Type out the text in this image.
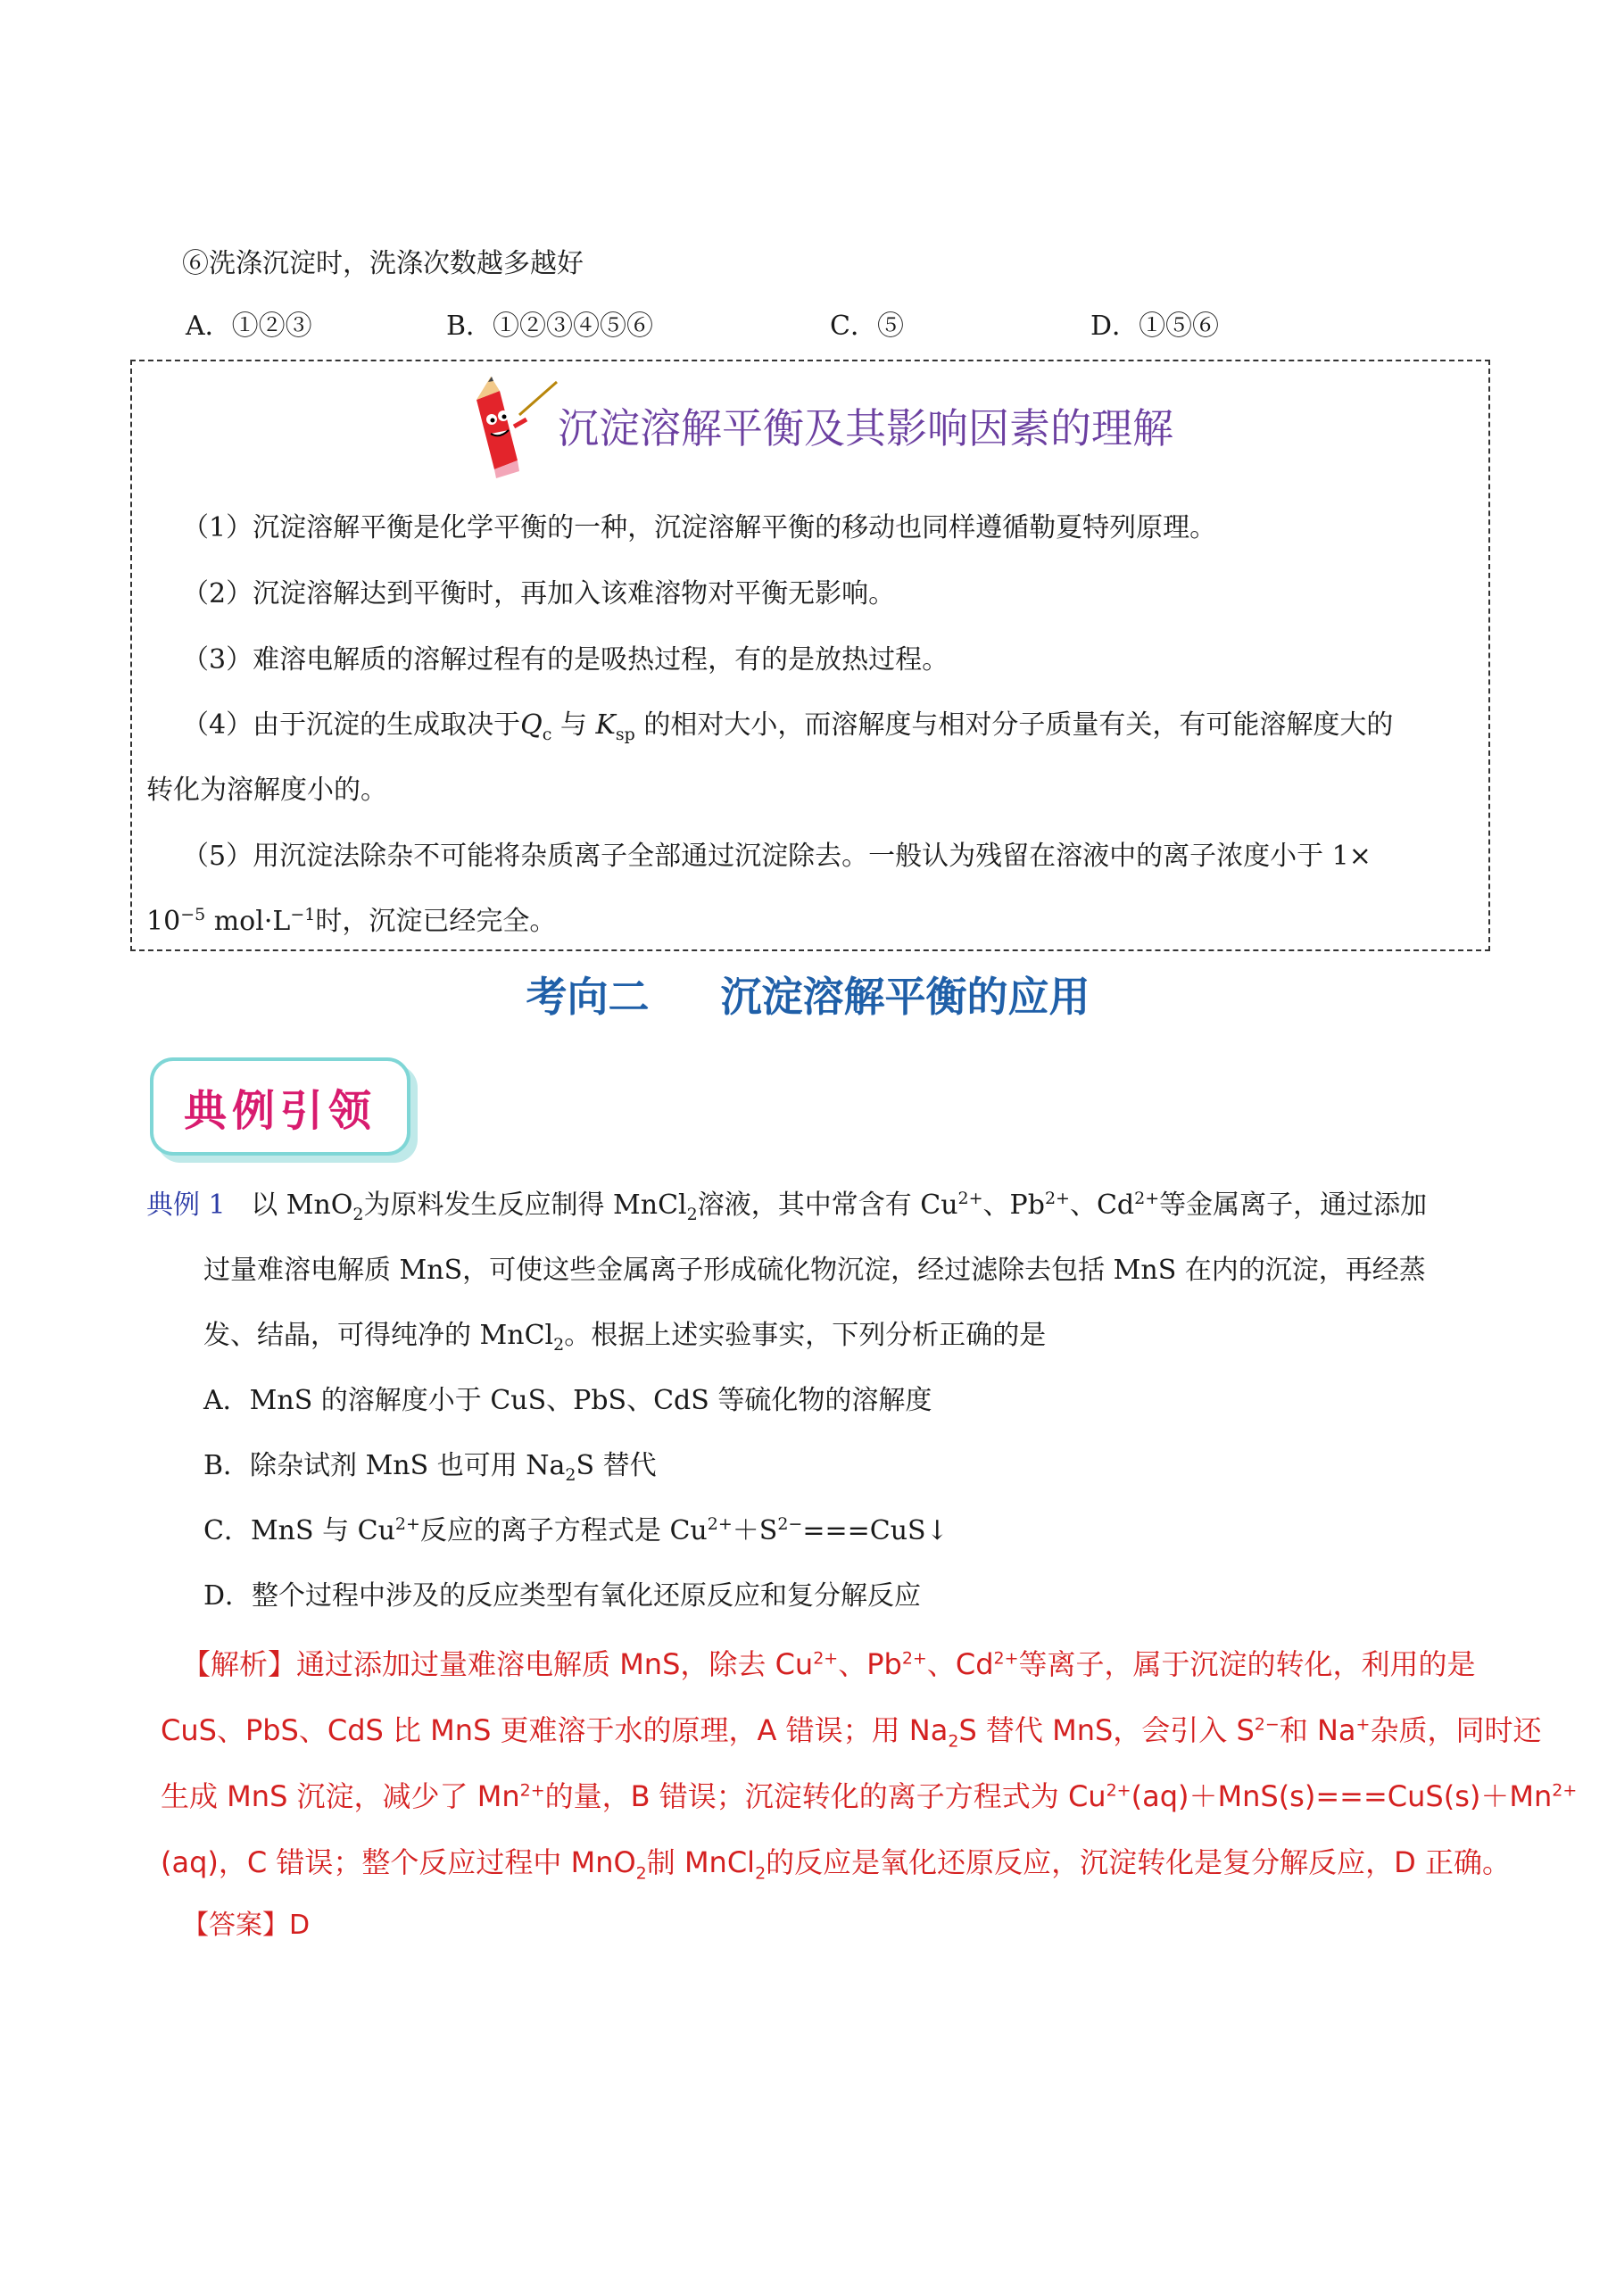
⑥洗涤沉淀时，洗涤次数越多越好
A．①②③	B．①②③④⑤⑥	C．⑤	D．①⑤⑥
沉淀溶解平衡及其影响因素的理解
（1）沉淀溶解平衡是化学平衡的一种，沉淀溶解平衡的移动也同样遵循勒夏特列原理。
（2）沉淀溶解达到平衡时，再加入该难溶物对平衡无影响。
（3）难溶电解质的溶解过程有的是吸热过程，有的是放热过程。
（4）由于沉淀的生成取决于$Q_c$ 与 $K_{sp}$ 的相对大小，而溶解度与相对分子质量有关，有可能溶解度大的
转化为溶解度小的。
（5）用沉淀法除杂不可能将杂质离子全部通过沉淀除去。一般认为残留在溶液中的离子浓度小于 1×
$10^{-5}$ $mol\cdot L^{-1}$时，沉淀已经完全。
考向二     沉淀溶解平衡的应用
典例引领
典例 1 以 MnO$_2$为原料发生反应制得 MnCl$_2$溶液，其中常含有 $Cu^{2+}$、$Pb^{2+}$、$Cd^{2+}$等金属离子，通过添加
过量难溶电解质 MnS，可使这些金属离子形成硫化物沉淀，经过滤除去包括 MnS 在内的沉淀，再经蒸
发、结晶，可得纯净的 MnCl$_2$。根据上述实验事实，下列分析正确的是
A．MnS 的溶解度小于 CuS、PbS、CdS 等硫化物的溶解度
B．除杂试剂 MnS 也可用 $Na_2S$ 替代
C．MnS 与 $Cu^{2+}$反应的离子方程式是 $Cu^{2+}+S^{2-}===CuS↓$
D．整个过程中涉及的反应类型有氧化还原反应和复分解反应
【解析】通过添加过量难溶电解质 MnS，除去 $Cu^{2+}$、$Pb^{2+}$、$Cd^{2+}$等离子，属于沉淀的转化，利用的是
CuS、PbS、CdS 比 MnS 更难溶于水的原理，A 错误；用 $Na_2S$ 替代 MnS，会引入 $S^{2-}$和 Na+杂质，同时还
生成 MnS 沉淀，减少了 $Mn^{2+}$的量，B 错误；沉淀转化的离子方程式为 $Cu^{2+}(aq)+MnS(s)===CuS(s)+Mn^{2+}$
(aq)，C 错误；整个反应过程中 MnO$_2$制 MnCl$_2$的反应是氧化还原反应，沉淀转化是复分解反应，D 正确。
【答案】D
